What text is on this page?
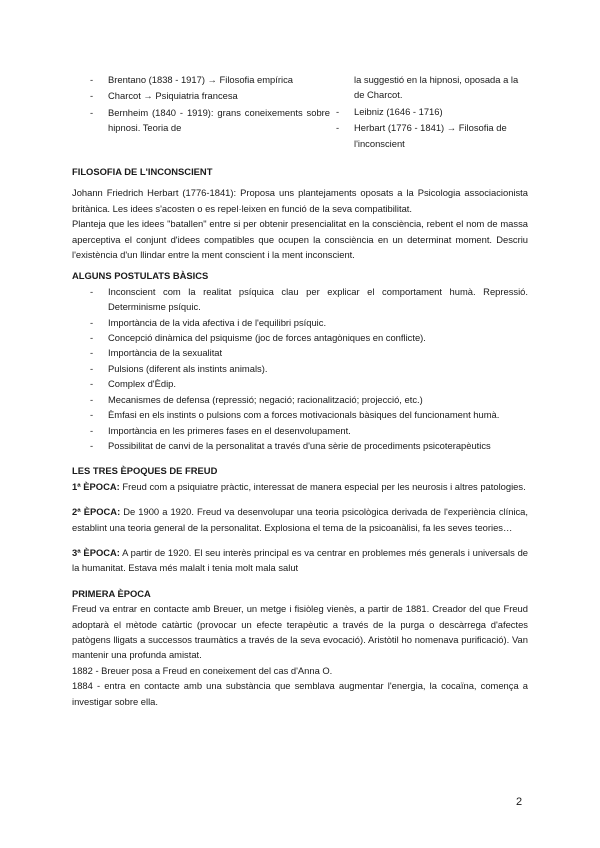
- Brentano (1838 - 1917) → Filosofia empírica
- Charcot → Psiquiatria francesa
- Bernheim (1840 - 1919): grans coneixements sobre hipnosi. Teoria de
la suggestió en la hipnosi, oposada a la de Charcot.
- Leibniz (1646 - 1716)
- Herbart (1776 - 1841) → Filosofia de l'inconscient
FILOSOFIA DE L'INCONSCIENT

Johann Friedrich Herbart (1776-1841): Proposa uns plantejaments oposats a la Psicologia associacionista britànica. Les idees s'acosten o es repel·leixen en funció de la seva compatibilitat.

Planteja que les idees "batallen" entre si per obtenir presencialitat en la consciència, rebent el nom de massa aperceptiva el conjunt d'idees compatibles que ocupen la consciència en un determinat moment. Descriu l'existència d'un llindar entre la ment conscient i la ment inconscient.

ALGUNS POSTULATS BÀSICS
- Inconscient com la realitat psíquica clau per explicar el comportament humà. Repressió. Determinisme psíquic.
- Importància de la vida afectiva i de l'equilibri psíquic.
- Concepció dinàmica del psiquisme (joc de forces antagòniques en conflicte).
- Importància de la sexualitat
- Pulsions (diferent als instints animals).
- Complex d'Èdip.
- Mecanismes de defensa (repressió; negació; racionalització; projecció, etc.)
- Èmfasi en els instints o pulsions com a forces motivacionals bàsiques del funcionament humà.
- Importància en les primeres fases en el desenvolupament.
- Possibilitat de canvi de la personalitat a través d'una sèrie de procediments psicoterapèutics
LES TRES ÈPOQUES DE FREUD

1ª ÈPOCA: Freud com a psiquiatre pràctic, interessat de manera especial per les neurosis i altres patologies.

2ª ÈPOCA: De 1900 a 1920. Freud va desenvolupar una teoria psicològica derivada de l'experiència clínica, establint una teoria general de la personalitat. Explosiona el tema de la psicoanàlisi, fa les seves teories…

3ª ÈPOCA: A partir de 1920. El seu interès principal es va centrar en problemes més generals i universals de la humanitat. Estava més malalt i tenia molt mala salut

PRIMERA ÈPOCA

Freud va entrar en contacte amb Breuer, un metge i fisiòleg vienès, a partir de 1881. Creador del que Freud adoptarà el mètode catàrtic (provocar un efecte terapèutic a través de la purga o descàrrega d'afectes patògens lligats a successos traumàtics a través de la seva evocació). Aristòtil ho nomenava purificació). Van mantenir una profunda amistat.

1882 - Breuer posa a Freud en coneixement del cas d'Anna O.

1884 - entra en contacte amb una substància que semblava augmentar l'energia, la cocaïna, comença a investigar sobre ella.

2
